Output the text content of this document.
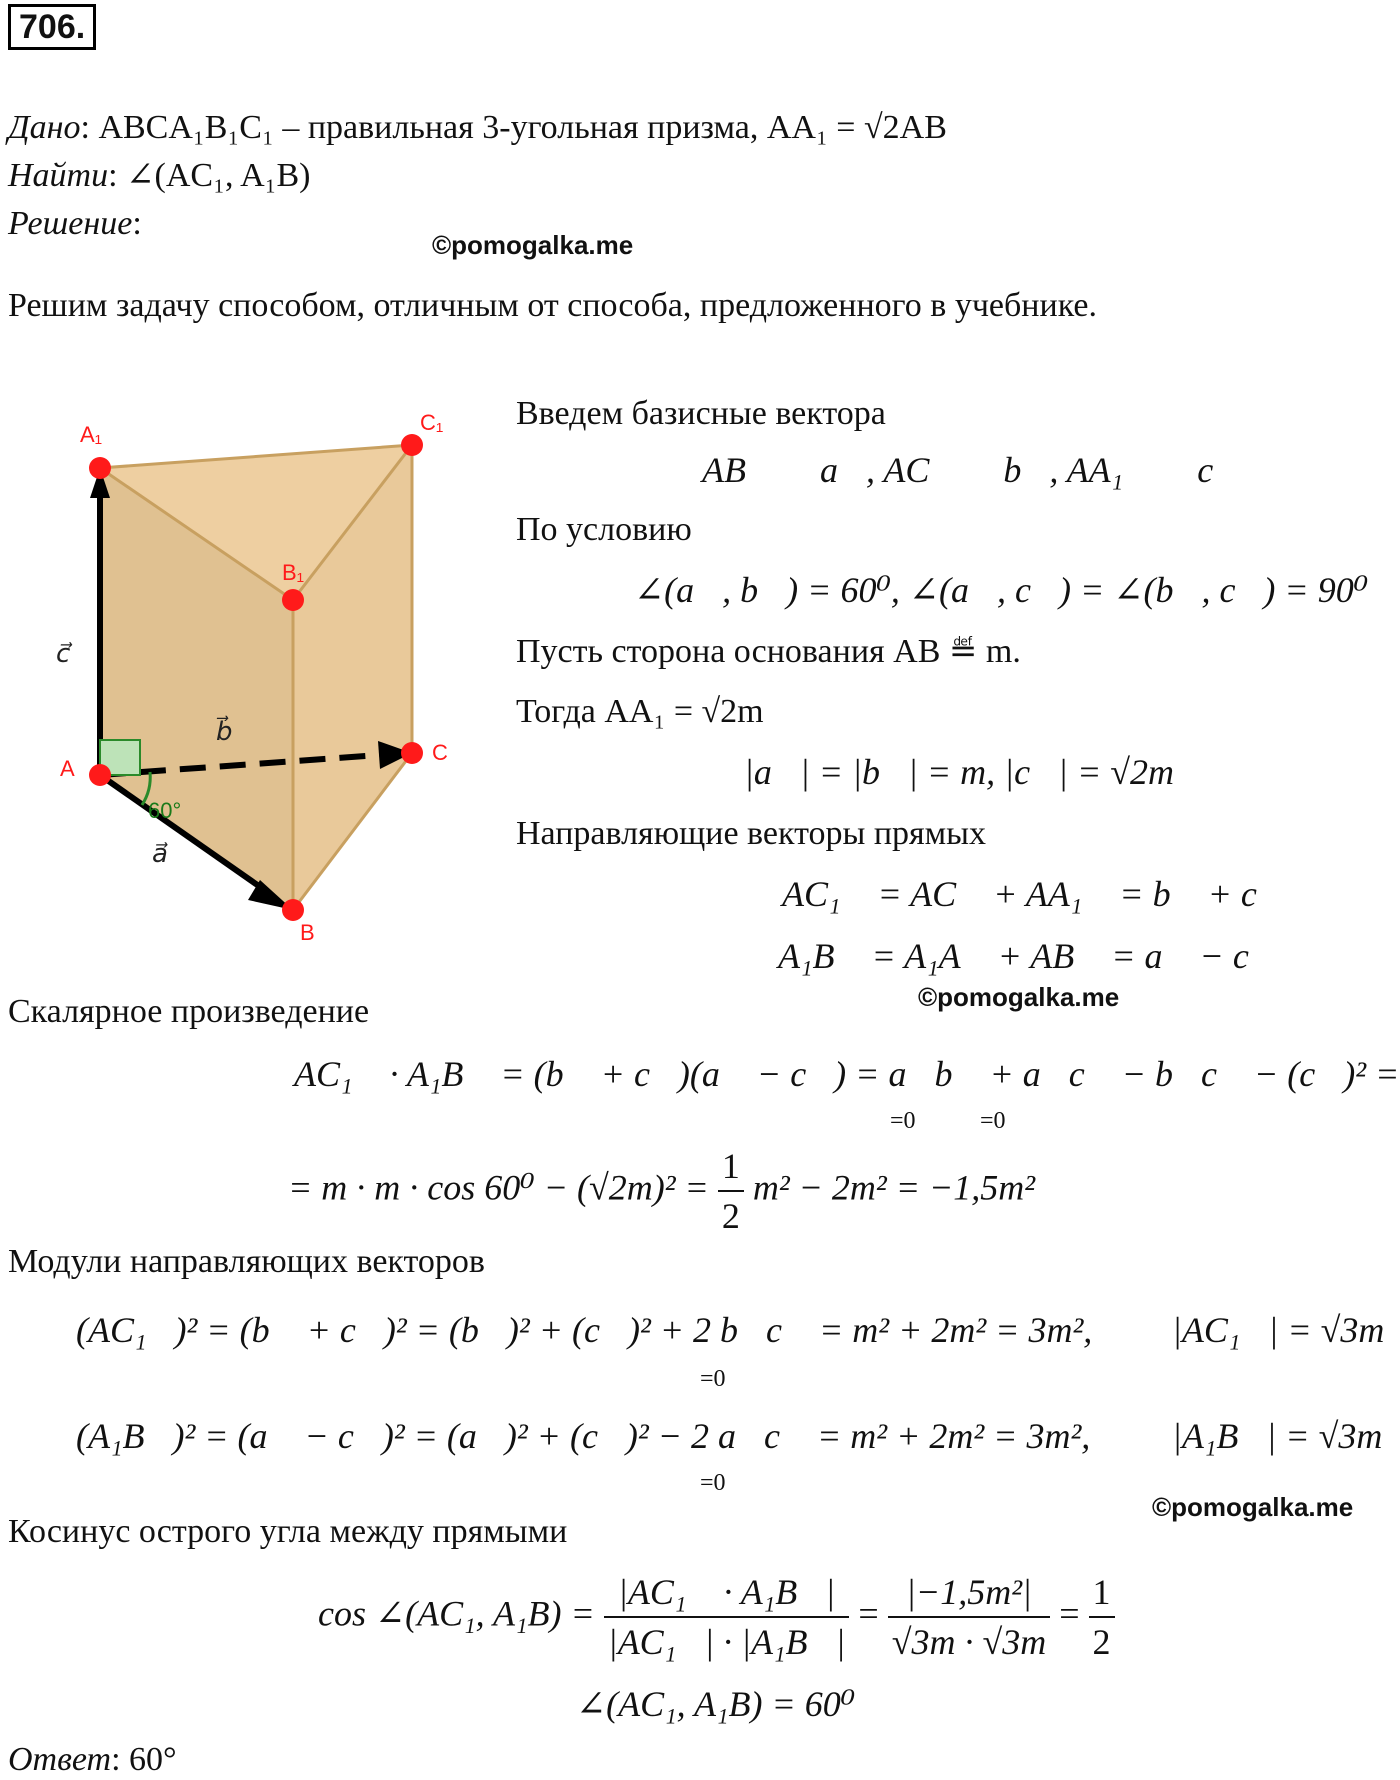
706.
Дано: ABCA₁B₁C₁ – правильная 3-угольная призма, AA₁ = √2AB
Найти: ∠(AC₁, A₁B)
Решение:
©pomogalka.me
Решим задачу способом, отличным от способа, предложенного в учебнике.
60°
A₁	C₁
B₁
A
C
B
c⃗
b⃗
a⃗
Введем базисные вектора
AB⃗ ≝ a⃗, AC⃗ ≝ b⃗, AA₁⃗ ≝ c⃗
По условию
∠(a⃗, b⃗) = 60⁰, ∠(a⃗, c⃗) = ∠(b⃗, c⃗) = 90⁰
Пусть сторона основания AB ≝ m.
Тогда AA₁ = √2m
|a⃗| = |b⃗| = m, |c⃗| = √2m
Направляющие векторы прямых
AC₁⃗ = AC⃗ + AA₁⃗ = b⃗ + c⃗
A₁B⃗ = A₁A⃗ + AB⃗ = a⃗ − c⃗
©pomogalka.me
Скалярное произведение
AC₁⃗ · A₁B⃗ = (b⃗ + c⃗)(a⃗ − c⃗) = a⃗b⃗ + a⃗c⃗ − b⃗c⃗ − (c⃗)² =
=0	=0
= $m \cdot m \cdot \cos 60^0 - (√2m)^2 = \frac{1}{2} m^2 - 2m^2 = -1,5m^2$
Модули направляющих векторов
(AC₁⃗)² = (b⃗ + c⃗)² = (b⃗)² + (c⃗)² + 2 b⃗c⃗ = m² + 2m² = 3m²,
=0
|AC₁⃗| = √3m
(A₁B⃗)² = (a⃗ − c⃗)² = (a⃗)² + (c⃗)² − 2 a⃗c⃗ = m² + 2m² = 3m²,
=0
|A₁B⃗| = √3m
©pomogalka.me
Косинус острого угла между прямыми
cos ∠(AC₁, $A_1B) = \frac{\text{|AC₁⃗ · A₁B⃗|}}{\text{|AC₁⃗| · |A₁B⃗|}} = \frac{\text{|−1,5m²|}}{√3m \cdot √3m} = \frac{1}{2}$
∠(AC₁, A₁B) = 60⁰
Ответ: 60°
